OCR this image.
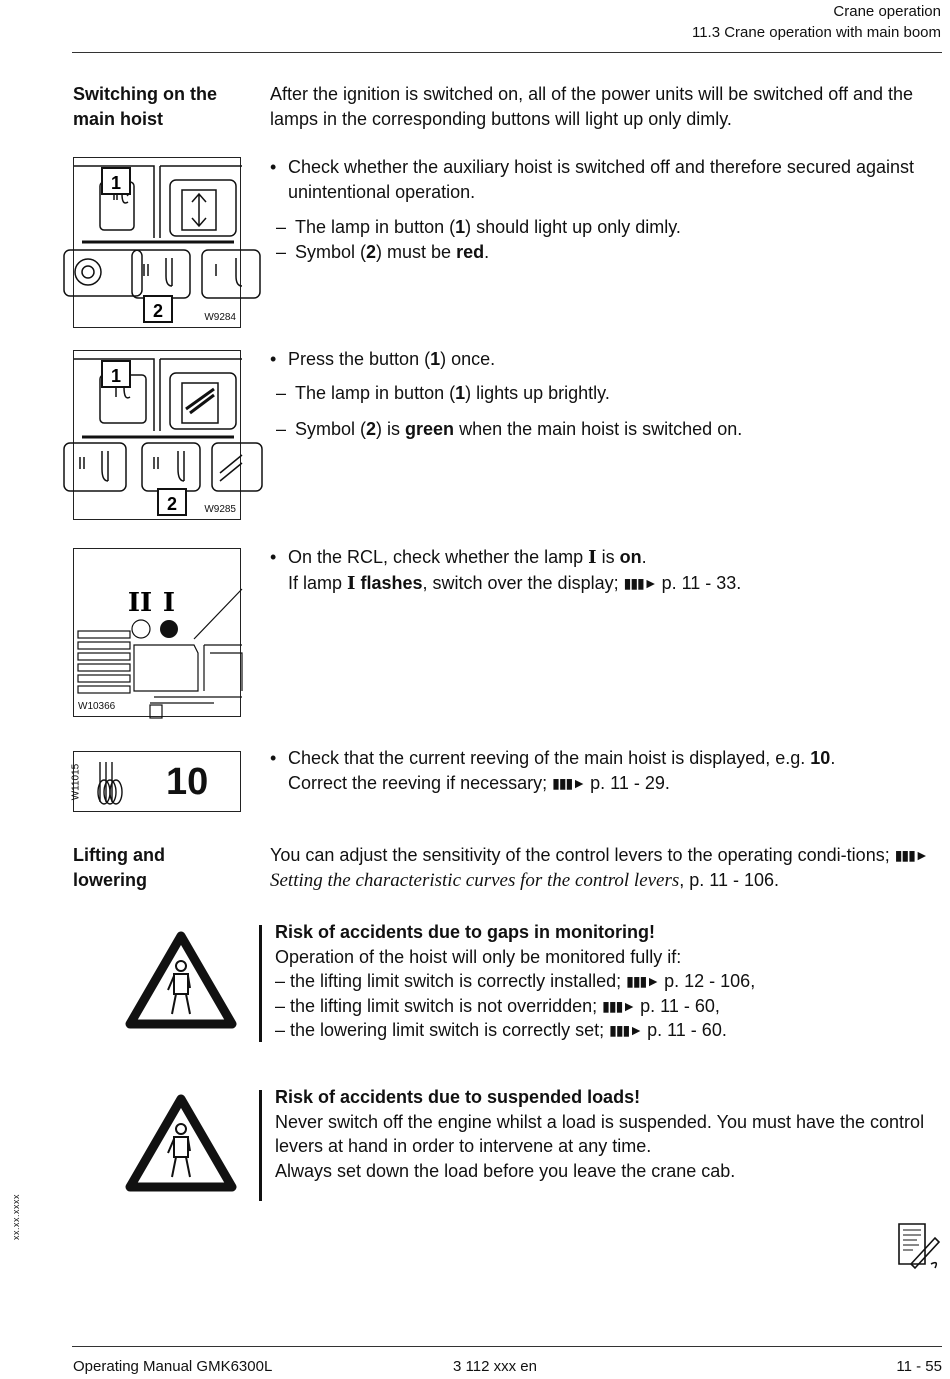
Crane operation
11.3 Crane operation with main boom
Switching on the
main hoist
After the ignition is switched on, all of the power units will be switched off and the lamps in the corresponding buttons will light up only dimly.
1
2	W9284
• Check whether the auxiliary hoist is switched off and therefore secured against unintentional operation.
– The lamp in button (1) should light up only dimly.
– Symbol (2) must be red.
1
2	W9285
• Press the button (1) once.
– The lamp in button (1) lights up brightly.
– Symbol (2) is green when the main hoist is switched on.
II I
W10366
• On the RCL, check whether the lamp I is on.
If lamp I flashes, switch over the display; ▮▮▮► p. 11 - 33.
W11015 10
• Check that the current reeving of the main hoist is displayed, e.g. 10.
Correct the reeving if necessary; ▮▮▮► p. 11 - 29.
Lifting and
lowering
You can adjust the sensitivity of the control levers to the operating condi-tions; ▮▮▮► Setting the characteristic curves for the control levers, p. 11 - 106.
Risk of accidents due to gaps in monitoring!
Operation of the hoist will only be monitored fully if:
– the lifting limit switch is correctly installed; ▮▮▮► p. 12 - 106,
– the lifting limit switch is not overridden; ▮▮▮► p. 11 - 60,
– the lowering limit switch is correctly set; ▮▮▮► p. 11 - 60.
Risk of accidents due to suspended loads!
Never switch off the engine whilst a load is suspended. You must have the control levers at hand in order to intervene at any time.
Always set down the load before you leave the crane cab.
xx.xx.xxxx
Operating Manual GMK6300L	3 112 xxx en	11 - 55
